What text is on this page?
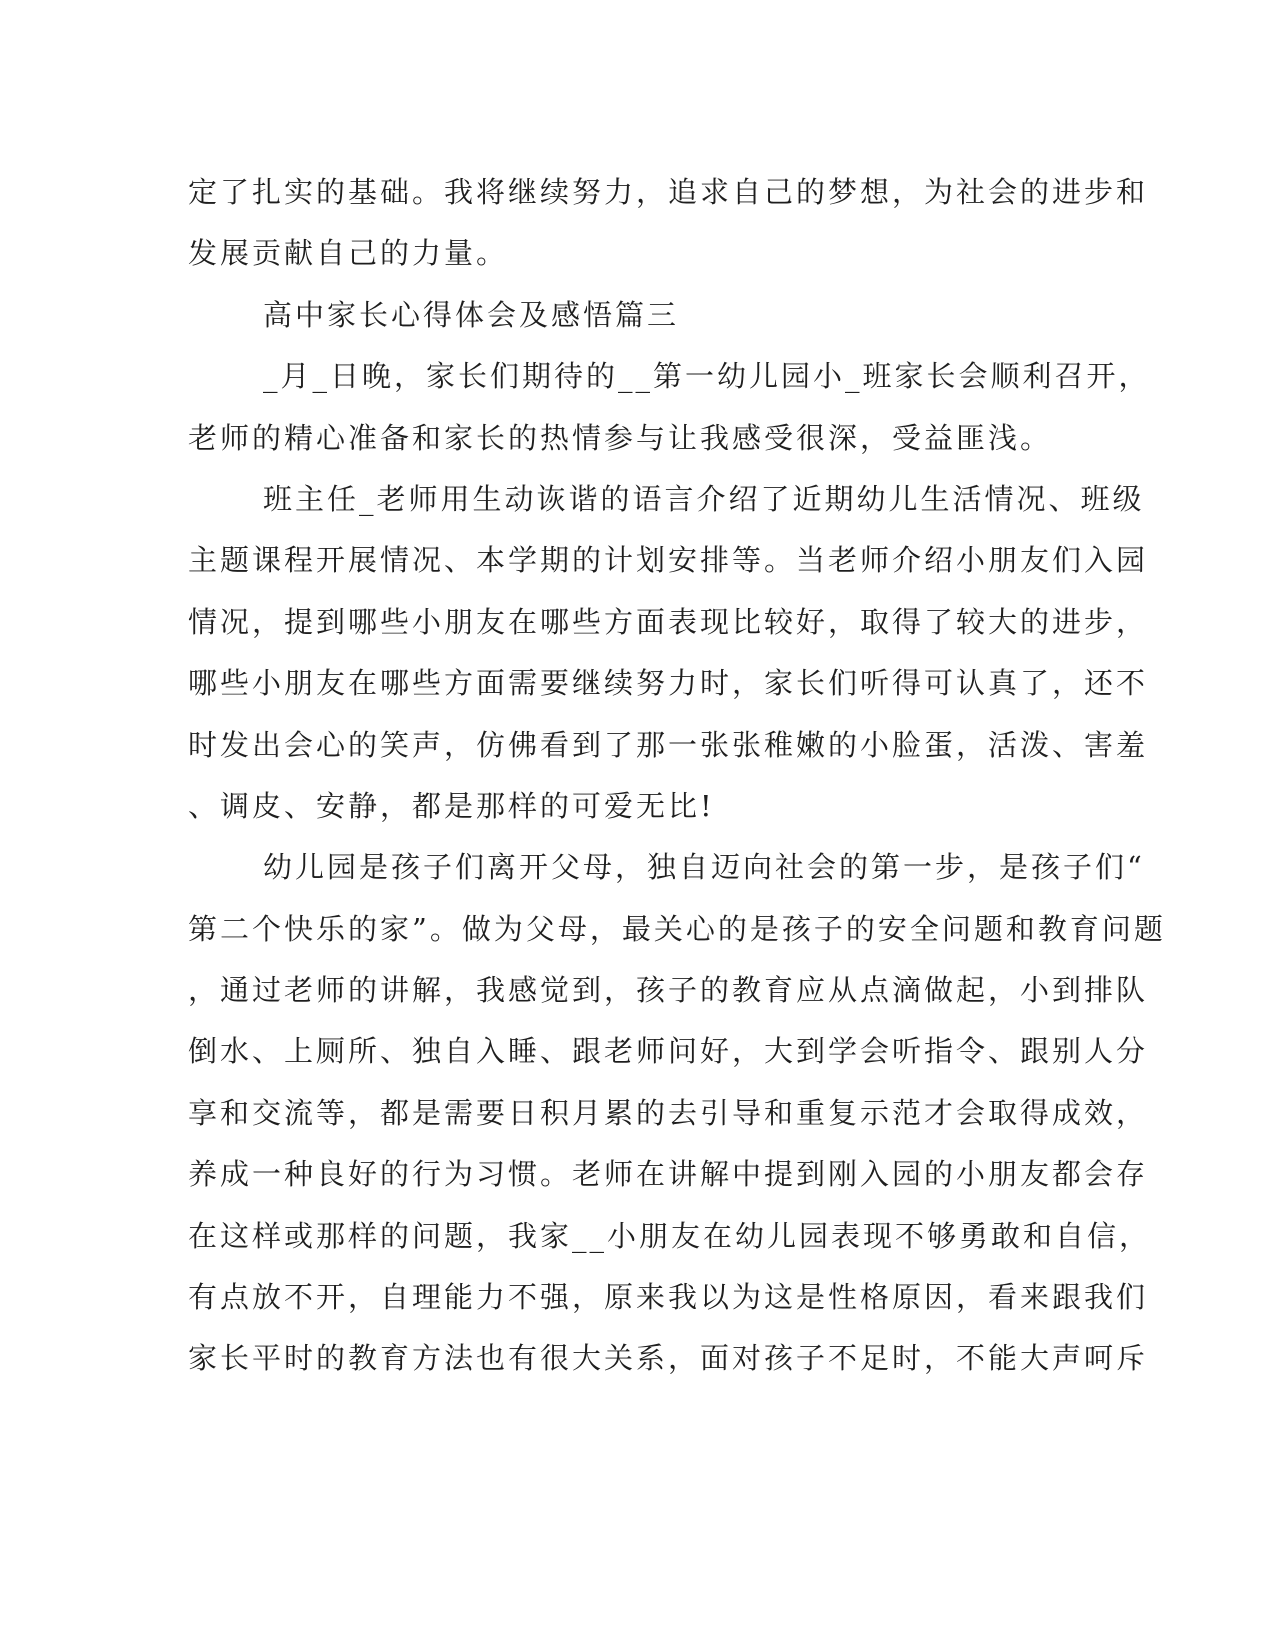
定了扎实的基础。我将继续努力，追求自己的梦想，为社会的进步和
发展贡献自己的力量。
高中家长心得体会及感悟篇三
_月_日晚，家长们期待的__第一幼儿园小_班家长会顺利召开，
老师的精心准备和家长的热情参与让我感受很深，受益匪浅。
班主任_老师用生动诙谐的语言介绍了近期幼儿生活情况、班级
主题课程开展情况、本学期的计划安排等。当老师介绍小朋友们入园
情况，提到哪些小朋友在哪些方面表现比较好，取得了较大的进步，
哪些小朋友在哪些方面需要继续努力时，家长们听得可认真了，还不
时发出会心的笑声，仿佛看到了那一张张稚嫩的小脸蛋，活泼、害羞
、调皮、安静，都是那样的可爱无比!
幼儿园是孩子们离开父母，独自迈向社会的第一步，是孩子们“
第二个快乐的家”。做为父母，最关心的是孩子的安全问题和教育问题
，通过老师的讲解，我感觉到，孩子的教育应从点滴做起，小到排队
倒水、上厕所、独自入睡、跟老师问好，大到学会听指令、跟别人分
享和交流等，都是需要日积月累的去引导和重复示范才会取得成效，
养成一种良好的行为习惯。老师在讲解中提到刚入园的小朋友都会存
在这样或那样的问题，我家__小朋友在幼儿园表现不够勇敢和自信，
有点放不开，自理能力不强，原来我以为这是性格原因，看来跟我们
家长平时的教育方法也有很大关系，面对孩子不足时，不能大声呵斥
